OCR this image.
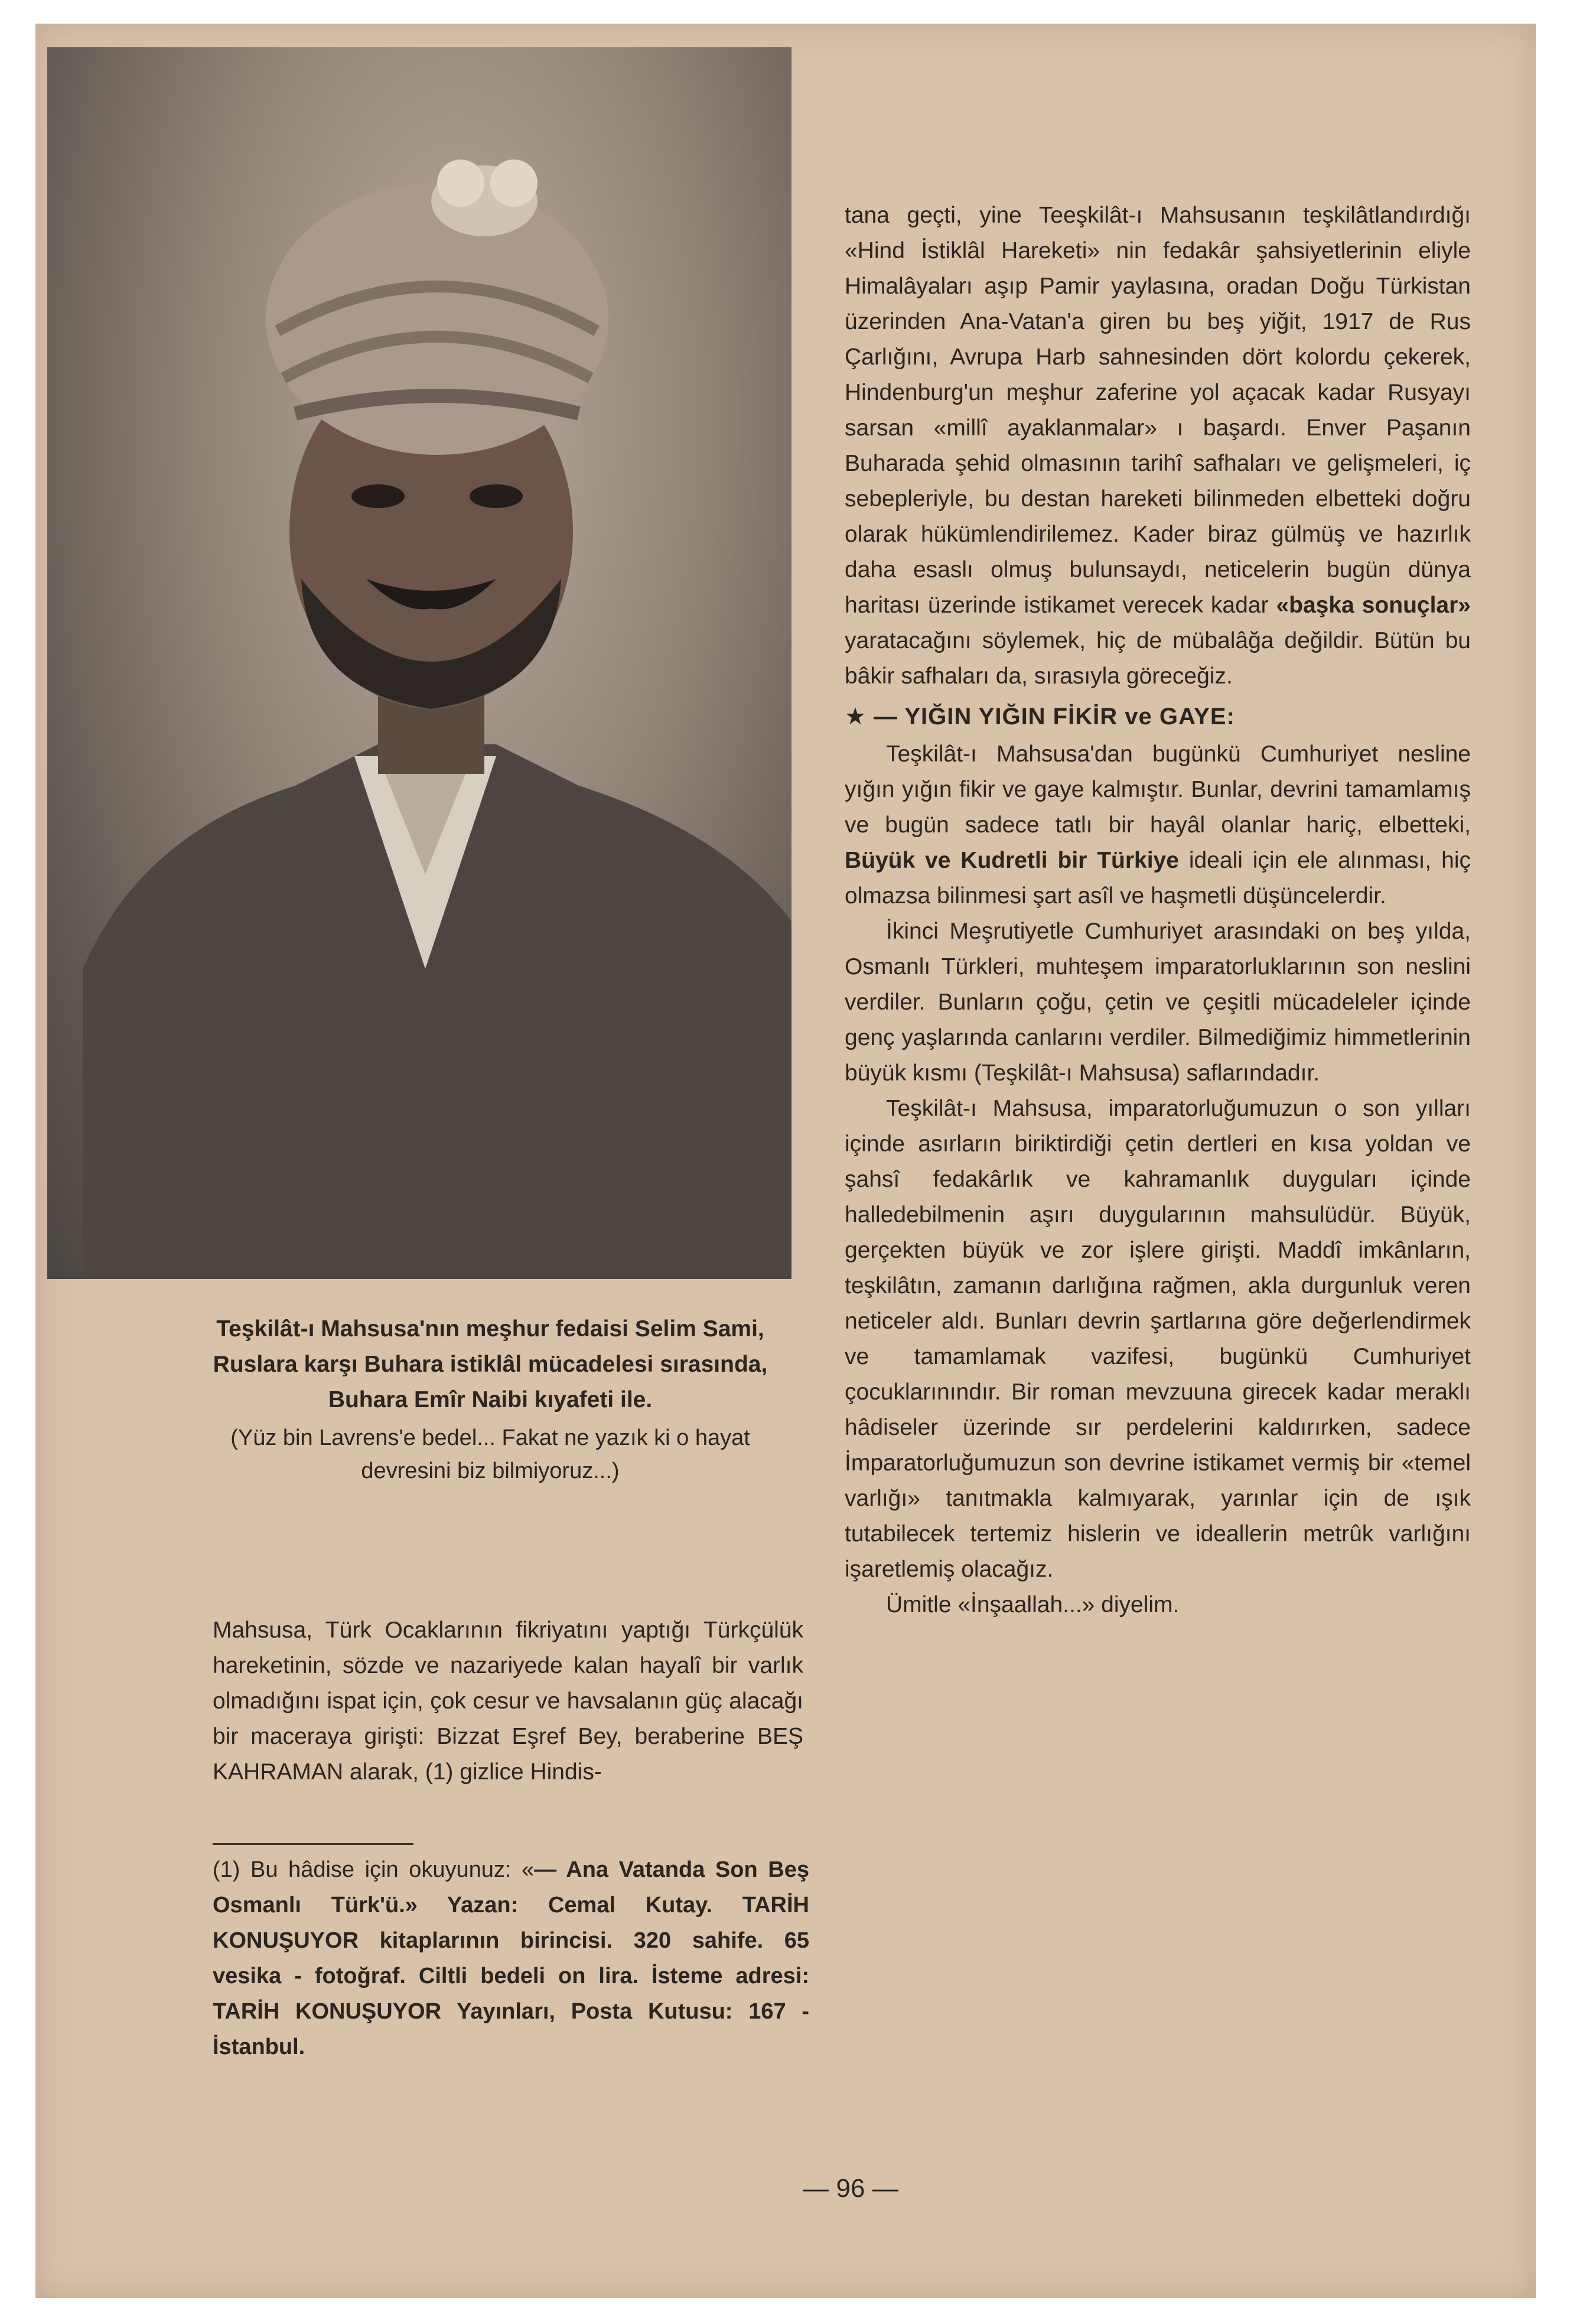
Teşkilât-ı Mahsusa'nın meşhur fedaisi Selim Sami, Ruslara karşı Buhara istiklâl mücadelesi sırasında, Buhara Emîr Naibi kıyafeti ile.
(Yüz bin Lavrens'e bedel... Fakat ne yazık ki o hayat devresini biz bilmiyoruz...)
Mahsusa, Türk Ocaklarının fikriyatını yaptığı Türkçülük hareketinin, sözde ve nazariyede kalan hayalî bir varlık olmadığını ispat için, çok cesur ve havsalanın güç alacağı bir maceraya girişti: Bizzat Eşref Bey, beraberine BEŞ KAHRAMAN alarak, (1) gizlice Hindis-
(1) Bu hâdise için okuyunuz: «— Ana Vatanda Son Beş Osmanlı Türk'ü.» Yazan: Cemal Kutay. TARİH KONUŞUYOR kitaplarının birincisi. 320 sahife. 65 vesika - fotoğraf. Ciltli bedeli on lira. İsteme adresi: TARİH KONUŞUYOR Yayınları, Posta Kutusu: 167 - İstanbul.

tana geçti, yine Teeşkilât-ı Mahsusanın teşkilâtlandırdığı «Hind İstiklâl Hareketi» nin fedakâr şahsiyetlerinin eliyle Himalâyaları aşıp Pamir yaylasına, oradan Doğu Türkistan üzerinden Ana-Vatan'a giren bu beş yiğit, 1917 de Rus Çarlığını, Avrupa Harb sahnesinden dört kolordu çekerek, Hindenburg'un meşhur zaferine yol açacak kadar Rusyayı sarsan «millî ayaklanmalar» ı başardı. Enver Paşanın Buharada şehid olmasının tarihî safhaları ve gelişmeleri, iç sebepleriyle, bu destan hareketi bilinmeden elbetteki doğru olarak hükümlendirilemez. Kader biraz gülmüş ve hazırlık daha esaslı olmuş bulunsaydı, neticelerin bugün dünya haritası üzerinde istikamet verecek kadar «başka sonuçlar» yaratacağını söylemek, hiç de mübalâğa değildir. Bütün bu bâkir safhaları da, sırasıyla göreceğiz.

★ — YIĞIN YIĞIN FİKİR ve GAYE:

Teşkilât-ı Mahsusa'dan bugünkü Cumhuriyet nesline yığın yığın fikir ve gaye kalmıştır. Bunlar, devrini tamamlamış ve bugün sadece tatlı bir hayâl olanlar hariç, elbetteki, Büyük ve Kudretli bir Türkiye ideali için ele alınması, hiç olmazsa bilinmesi şart asîl ve haşmetli düşüncelerdir.

İkinci Meşrutiyetle Cumhuriyet arasındaki on beş yılda, Osmanlı Türkleri, muhteşem imparatorluklarının son neslini verdiler. Bunların çoğu, çetin ve çeşitli mücadeleler içinde genç yaşlarında canlarını verdiler. Bilmediğimiz himmetlerinin büyük kısmı (Teşkilât-ı Mahsusa) saflarındadır.

Teşkilât-ı Mahsusa, imparatorluğumuzun o son yılları içinde asırların biriktirdiği çetin dertleri en kısa yoldan ve şahsî fedakârlık ve kahramanlık duyguları içinde halledebilmenin aşırı duygularının mahsulüdür. Büyük, gerçekten büyük ve zor işlere girişti. Maddî imkânların, teşkilâtın, zamanın darlığına rağmen, akla durgunluk veren neticeler aldı. Bunları devrin şartlarına göre değerlendirmek ve tamamlamak vazifesi, bugünkü Cumhuriyet çocuklarınındır. Bir roman mevzuuna girecek kadar meraklı hâdiseler üzerinde sır perdelerini kaldırırken, sadece İmparatorluğumuzun son devrine istikamet vermiş bir «temel varlığı» tanıtmakla kalmıyarak, yarınlar için de ışık tutabilecek tertemiz hislerin ve ideallerin metrûk varlığını işaretlemiş olacağız.

Ümitle «İnşaallah...» diyelim.

— 96 —
